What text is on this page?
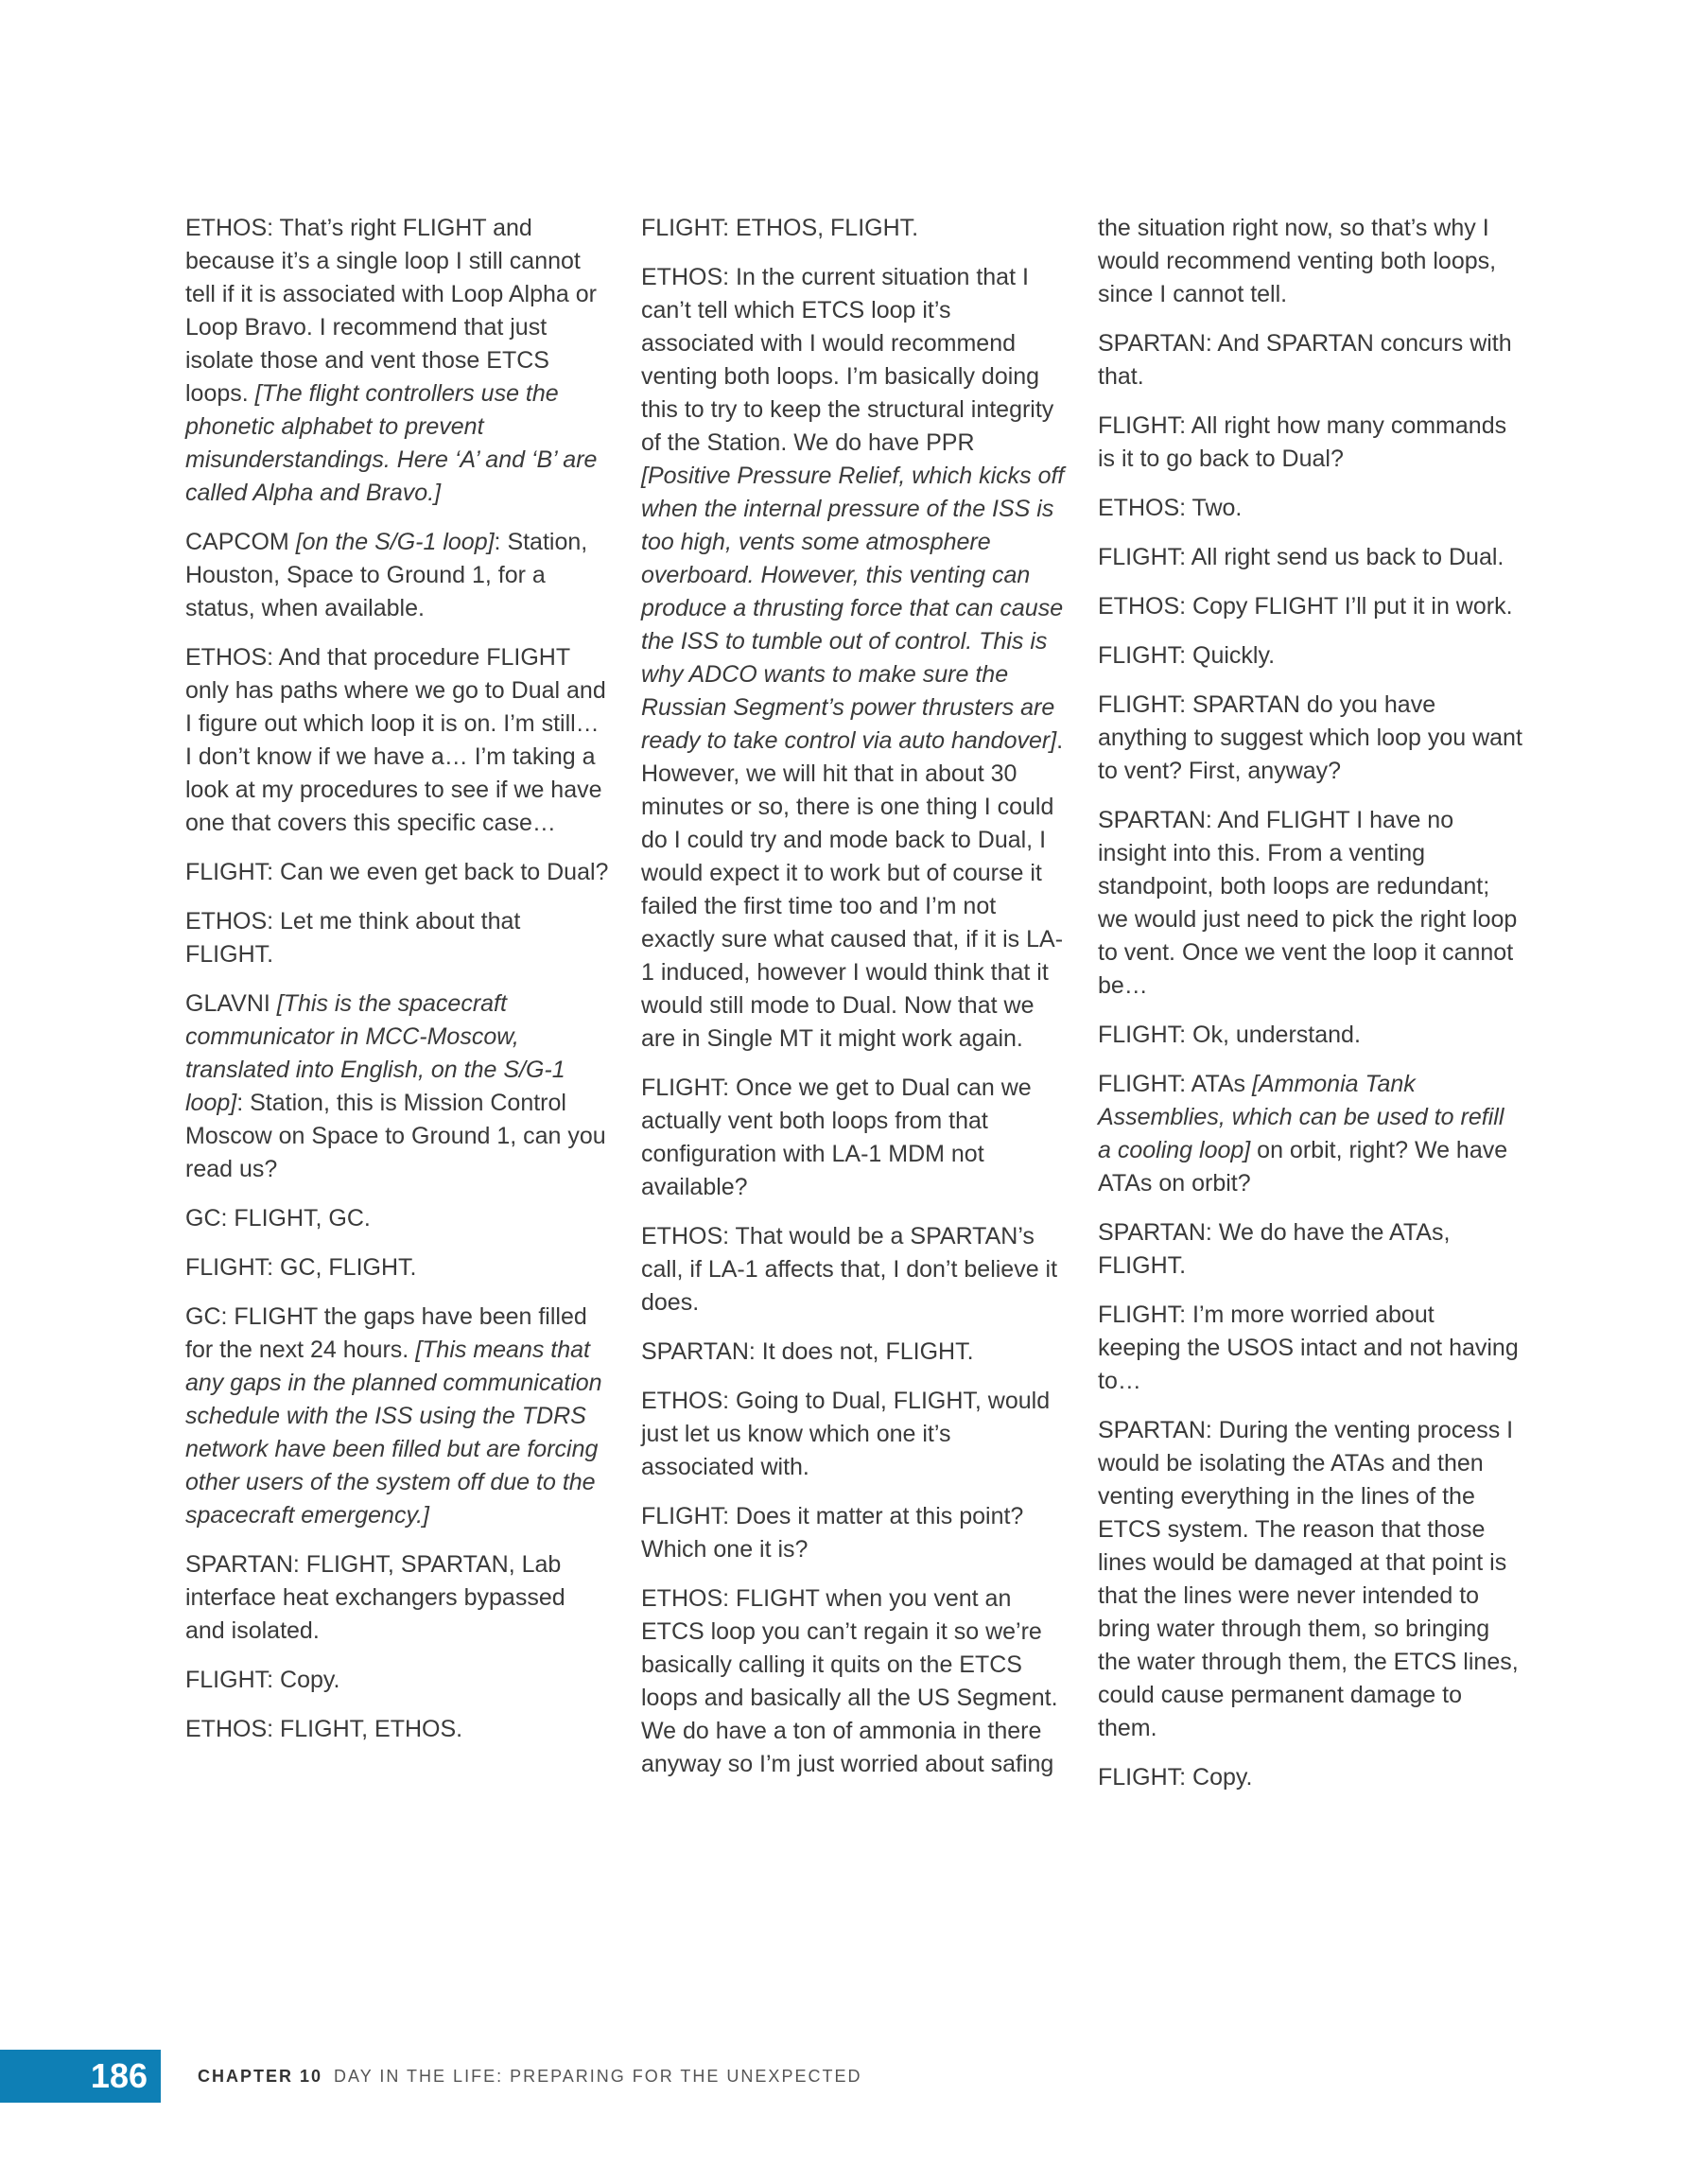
ETHOS: That’s right FLIGHT and because it’s a single loop I still cannot tell if it is associated with Loop Alpha or Loop Bravo. I recommend that just isolate those and vent those ETCS loops. [The flight controllers use the phonetic alphabet to prevent misunderstandings. Here ‘A’ and ‘B’ are called Alpha and Bravo.]

CAPCOM [on the S/G-1 loop]: Station, Houston, Space to Ground 1, for a status, when available.

ETHOS: And that procedure FLIGHT only has paths where we go to Dual and I figure out which loop it is on. I’m still… I don’t know if we have a… I’m taking a look at my procedures to see if we have one that covers this specific case…

FLIGHT: Can we even get back to Dual?

ETHOS: Let me think about that FLIGHT.

GLAVNI [This is the spacecraft communicator in MCC-Moscow, translated into English, on the S/G-1 loop]: Station, this is Mission Control Moscow on Space to Ground 1, can you read us?

GC: FLIGHT, GC.

FLIGHT: GC, FLIGHT.

GC: FLIGHT the gaps have been filled for the next 24 hours. [This means that any gaps in the planned communication schedule with the ISS using the TDRS network have been filled but are forcing other users of the system off due to the spacecraft emergency.]

SPARTAN: FLIGHT, SPARTAN, Lab interface heat exchangers bypassed and isolated.

FLIGHT: Copy.

ETHOS: FLIGHT, ETHOS.

FLIGHT: ETHOS, FLIGHT.

ETHOS: In the current situation that I can’t tell which ETCS loop it’s associated with I would recommend venting both loops. I’m basically doing this to try to keep the structural integrity of the Station. We do have PPR [Positive Pressure Relief, which kicks off when the internal pressure of the ISS is too high, vents some atmosphere overboard. However, this venting can produce a thrusting force that can cause the ISS to tumble out of control. This is why ADCO wants to make sure the Russian Segment’s power thrusters are ready to take control via auto handover]. However, we will hit that in about 30 minutes or so, there is one thing I could do I could try and mode back to Dual, I would expect it to work but of course it failed the first time too and I’m not exactly sure what caused that, if it is LA-1 induced, however I would think that it would still mode to Dual. Now that we are in Single MT it might work again.

FLIGHT: Once we get to Dual can we actually vent both loops from that configuration with LA-1 MDM not available?

ETHOS: That would be a SPARTAN’s call, if LA-1 affects that, I don’t believe it does.

SPARTAN: It does not, FLIGHT.

ETHOS: Going to Dual, FLIGHT, would just let us know which one it’s associated with.

FLIGHT: Does it matter at this point? Which one it is?

ETHOS: FLIGHT when you vent an ETCS loop you can’t regain it so we’re basically calling it quits on the ETCS loops and basically all the US Segment. We do have a ton of ammonia in there anyway so I’m just worried about safing

the situation right now, so that’s why I would recommend venting both loops, since I cannot tell.

SPARTAN: And SPARTAN concurs with that.

FLIGHT: All right how many commands is it to go back to Dual?

ETHOS: Two.

FLIGHT: All right send us back to Dual.

ETHOS: Copy FLIGHT I’ll put it in work.

FLIGHT: Quickly.

FLIGHT: SPARTAN do you have anything to suggest which loop you want to vent? First, anyway?

SPARTAN: And FLIGHT I have no insight into this. From a venting standpoint, both loops are redundant; we would just need to pick the right loop to vent. Once we vent the loop it cannot be…

FLIGHT: Ok, understand.

FLIGHT: ATAs [Ammonia Tank Assemblies, which can be used to refill a cooling loop] on orbit, right? We have ATAs on orbit?

SPARTAN: We do have the ATAs, FLIGHT.

FLIGHT: I’m more worried about keeping the USOS intact and not having to…

SPARTAN: During the venting process I would be isolating the ATAs and then venting everything in the lines of the ETCS system. The reason that those lines would be damaged at that point is that the lines were never intended to bring water through them, so bringing the water through them, the ETCS lines, could cause permanent damage to them.

FLIGHT: Copy.

186	CHAPTER 10 DAY IN THE LIFE: PREPARING FOR THE UNEXPECTED
